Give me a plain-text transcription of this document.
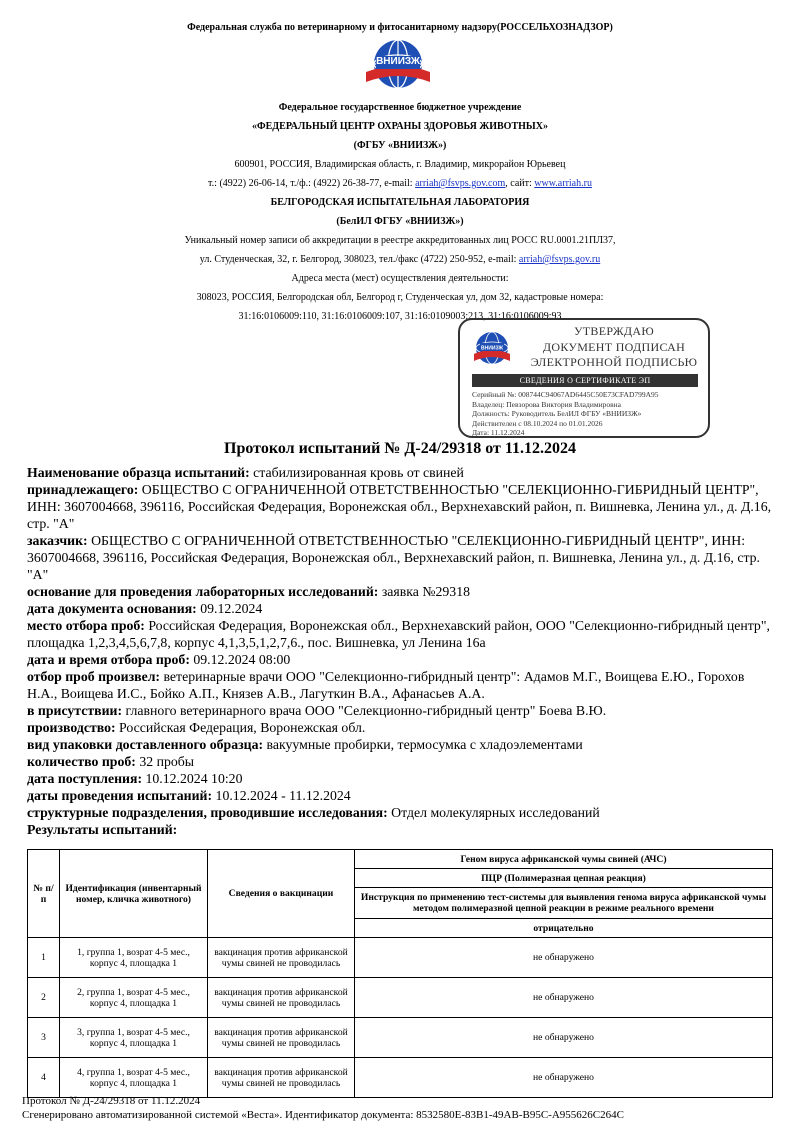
Федеральная служба по ветеринарному и фитосанитарному надзору(РОССЕЛЬХОЗНАДЗОР)
ВНИИЗЖ
Федеральное государственное бюджетное учреждение
«ФЕДЕРАЛЬНЫЙ ЦЕНТР ОХРАНЫ ЗДОРОВЬЯ ЖИВОТНЫХ»
(ФГБУ «ВНИИЗЖ»)
600901, РОССИЯ, Владимирская область, г. Владимир, микрорайон Юрьевец
т.: (4922) 26-06-14, т./ф.: (4922) 26-38-77, e-mail: arriah@fsvps.gov.com, сайт: www.arriah.ru
БЕЛГОРОДСКАЯ ИСПЫТАТЕЛЬНАЯ ЛАБОРАТОРИЯ
(БелИЛ ФГБУ «ВНИИЗЖ»)
Уникальный номер записи об аккредитации в реестре аккредитованных лиц РОСС RU.0001.21ПЛ37,
ул. Студенческая, 32, г. Белгород, 308023, тел./факс (4722) 250-952, e-mail: arriah@fsvps.gov.ru
Адреса места (мест) осуществления деятельности:
308023, РОССИЯ, Белгородская обл, Белгород г, Студенческая ул, дом 32, кадастровые номера:
31:16:0106009:110, 31:16:0106009:107, 31:16:0109003:213, 31:16:0106009:93
ВНИИЗЖ
УТВЕРЖДАЮ
ДОКУМЕНТ ПОДПИСАН
ЭЛЕКТРОННОЙ ПОДПИСЬЮ
СВЕДЕНИЯ О СЕРТИФИКАТЕ ЭП
Серийный №: 008744C94067AD6445C50E73CFAD799A95
Владелец: Певзорова Виктория Владимировна
Должность: Руководитель БелИЛ ФГБУ «ВНИИЗЖ»
Действителен с 08.10.2024 по 01.01.2026
Дата: 11.12.2024
Протокол испытаний № Д-24/29318 от 11.12.2024

Наименование образца испытаний: стабилизированная кровь от свиней

принадлежащего: ОБЩЕСТВО С ОГРАНИЧЕННОЙ ОТВЕТСТВЕННОСТЬЮ "СЕЛЕКЦИОННО-ГИБРИДНЫЙ ЦЕНТР", ИНН: 3607004668, 396116, Российская Федерация, Воронежская обл., Верхнехавский район, п. Вишневка, Ленина ул., д. Д.16, стр. "А"

заказчик: ОБЩЕСТВО С ОГРАНИЧЕННОЙ ОТВЕТСТВЕННОСТЬЮ "СЕЛЕКЦИОННО-ГИБРИДНЫЙ ЦЕНТР", ИНН: 3607004668, 396116, Российская Федерация, Воронежская обл., Верхнехавский район, п. Вишневка, Ленина ул., д. Д.16, стр. "А"

основание для проведения лабораторных исследований: заявка №29318

дата документа основания: 09.12.2024

место отбора проб: Российская Федерация, Воронежская обл., Верхнехавский район, ООО "Селекционно-гибридный центр", площадка 1,2,3,4,5,6,7,8, корпус 4,1,3,5,1,2,7,6., пос. Вишневка, ул Ленина 16а

дата и время отбора проб: 09.12.2024 08:00

отбор проб произвел: ветеринарные врачи ООО "Селекционно-гибридный центр": Адамов М.Г., Воищева Е.Ю., Горохов Н.А., Воищева И.С., Бойко А.П., Князев А.В., Лагуткин В.А., Афанасьев А.А.

в присутствии: главного ветеринарного врача ООО "Селекционно-гибридный центр" Боева В.Ю.

производство: Российская Федерация, Воронежская обл.

вид упаковки доставленного образца: вакуумные пробирки, термосумка с хладоэлементами

количество проб: 32 пробы

дата поступления: 10.12.2024 10:20

даты проведения испытаний: 10.12.2024 - 11.12.2024

структурные подразделения, проводившие исследования: Отдел молекулярных исследований

Результаты испытаний:

№ п/п	Идентификация (инвентарный номер, кличка животного)	Сведения о вакцинации	Геном вируса африканской чумы свиней (АЧС)
			ПЦР (Полимеразная цепная реакция)
			Инструкция по применению тест-системы для выявления генома вируса африканской чумы методом полимеразной цепной реакции в режиме реального времени
			отрицательно
1	1, группа 1, возрат 4-5 мес., корпус 4, площадка 1	вакцинация против африканской чумы свиней не проводилась	не обнаружено
2	2, группа 1, возрат 4-5 мес., корпус 4, площадка 1	вакцинация против африканской чумы свиней не проводилась	не обнаружено
3	3, группа 1, возрат 4-5 мес., корпус 4, площадка 1	вакцинация против африканской чумы свиней не проводилась	не обнаружено
4	4, группа 1, возрат 4-5 мес., корпус 4, площадка 1	вакцинация против африканской чумы свиней не проводилась	не обнаружено
Протокол № Д-24/29318 от 11.12.2024
Сгенерировано автоматизированной системой «Веста». Идентификатор документа: 8532580E-83B1-49AB-B95C-A955626C264C
